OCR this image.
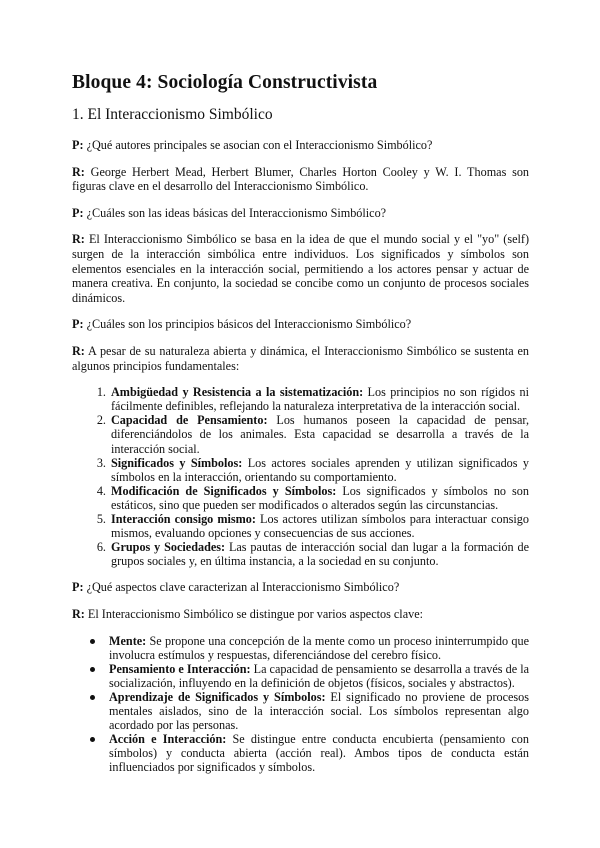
Bloque 4: Sociología Constructivista
1. El Interaccionismo Simbólico

P: ¿Qué autores principales se asocian con el Interaccionismo Simbólico?

R: George Herbert Mead, Herbert Blumer, Charles Horton Cooley y W. I. Thomas son figuras clave en el desarrollo del Interaccionismo Simbólico.

P: ¿Cuáles son las ideas básicas del Interaccionismo Simbólico?

R: El Interaccionismo Simbólico se basa en la idea de que el mundo social y el "yo" (self) surgen de la interacción simbólica entre individuos. Los significados y símbolos son elementos esenciales en la interacción social, permitiendo a los actores pensar y actuar de manera creativa. En conjunto, la sociedad se concibe como un conjunto de procesos sociales dinámicos.

P: ¿Cuáles son los principios básicos del Interaccionismo Simbólico?

R: A pesar de su naturaleza abierta y dinámica, el Interaccionismo Simbólico se sustenta en algunos principios fundamentales:

1. Ambigüedad y Resistencia a la sistematización: Los principios no son rígidos ni fácilmente definibles, reflejando la naturaleza interpretativa de la interacción social.
2. Capacidad de Pensamiento: Los humanos poseen la capacidad de pensar, diferenciándolos de los animales. Esta capacidad se desarrolla a través de la interacción social.
3. Significados y Símbolos: Los actores sociales aprenden y utilizan significados y símbolos en la interacción, orientando su comportamiento.
4. Modificación de Significados y Símbolos: Los significados y símbolos no son estáticos, sino que pueden ser modificados o alterados según las circunstancias.
5. Interacción consigo mismo: Los actores utilizan símbolos para interactuar consigo mismos, evaluando opciones y consecuencias de sus acciones.
6. Grupos y Sociedades: Las pautas de interacción social dan lugar a la formación de grupos sociales y, en última instancia, a la sociedad en su conjunto.

P: ¿Qué aspectos clave caracterizan al Interaccionismo Simbólico?

R: El Interaccionismo Simbólico se distingue por varios aspectos clave:

Mente: Se propone una concepción de la mente como un proceso ininterrumpido que involucra estímulos y respuestas, diferenciándose del cerebro físico.
Pensamiento e Interacción: La capacidad de pensamiento se desarrolla a través de la socialización, influyendo en la definición de objetos (físicos, sociales y abstractos).
Aprendizaje de Significados y Símbolos: El significado no proviene de procesos mentales aislados, sino de la interacción social. Los símbolos representan algo acordado por las personas.
Acción e Interacción: Se distingue entre conducta encubierta (pensamiento con símbolos) y conducta abierta (acción real). Ambos tipos de conducta están influenciados por significados y símbolos.
